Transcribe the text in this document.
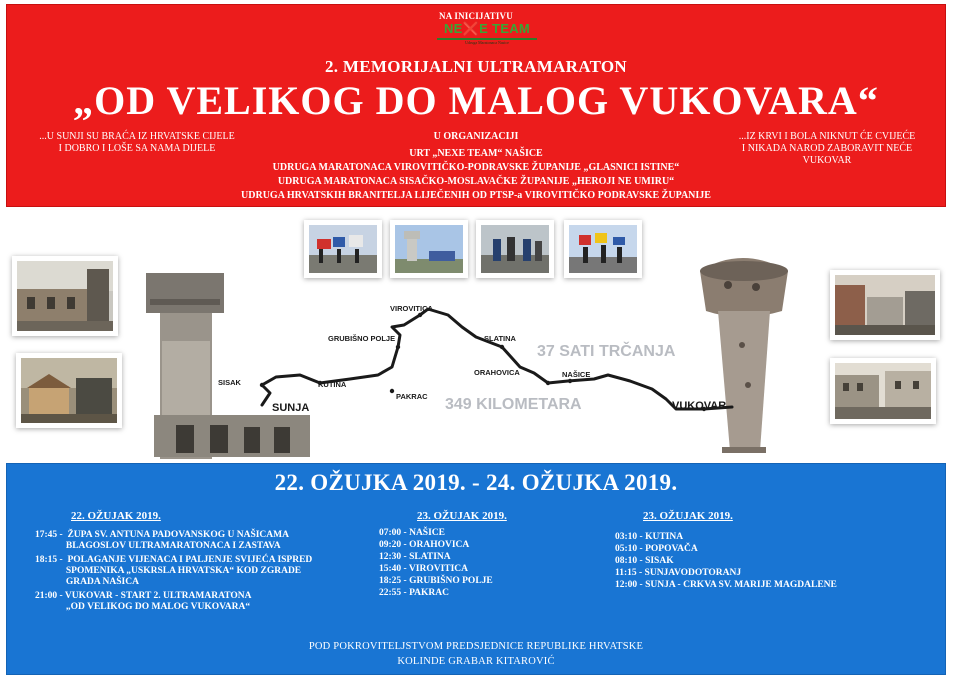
NA INICIJATIVU
NE❌E TEAM
Udruga Maratonaca Nasice
2. MEMORIJALNI ULTRAMARATON
„OD VELIKOG DO MALOG VUKOVARA“
...U SUNJI SU BRAĆA IZ HRVATSKE CIJELE
I DOBRO I LOŠE SA NAMA DIJELE
...IZ KRVI I BOLA NIKNUT ĆE CVIJEĆE
I NIKADA NAROD ZABORAVIT NEĆE
VUKOVAR
U ORGANIZACIJI
URT „NEXE TEAM“ NAŠICE
UDRUGA MARATONACA VIROVITIČKO-PODRAVSKE ŽUPANIJE „GLASNICI ISTINE“
UDRUGA MARATONACA SISAČKO-MOSLAVAČKE ŽUPANIJE „HEROJI NE UMIRU“
UDRUGA HRVATSKIH BRANITELJA LIJEČENIH OD PTSP-a VIROVITIČKO PODRAVSKE ŽUPANIJE
SUNJA
SISAK	KUTINA
PAKRAC
GRUBIŠNO POLJE
VIROVITICA
SLATINA
ORAHOVICA	NAŠICE
VUKOVAR
37 SATI TRČANJA
349 KILOMETARA
22. OŽUJKA 2019. - 24. OŽUJKA 2019.
22. OŽUJAK 2019.
17:45 -  ŽUPA SV. ANTUNA PADOVANSKOG U NAŠICAMA
BLAGOSLOV ULTRAMARATONACA I ZASTAVA
18:15 -  POLAGANJE VIJENACA I PALJENJE SVIJEĆA ISPRED
SPOMENIKA „USKRSLA HRVATSKA“ KOD ZGRADE
GRADA NAŠICA
21:00 - VUKOVAR - START 2. ULTRAMARATONA
„OD VELIKOG DO MALOG VUKOVARA“
23. OŽUJAK 2019.
07:00 - NAŠICE
09:20 - ORAHOVICA
12:30 - SLATINA
15:40 - VIROVITICA
18:25 - GRUBIŠNO POLJE
22:55 - PAKRAC
23. OŽUJAK 2019.
03:10 - KUTINA
05:10 - POPOVAČA
08:10 - SISAK
11:15 - SUNJAVODOTORANJ
12:00 - SUNJA - CRKVA SV. MARIJE MAGDALENE
POD POKROVITELJSTVOM PREDSJEDNICE REPUBLIKE HRVATSKE
KOLINDE GRABAR KITAROVIĆ
